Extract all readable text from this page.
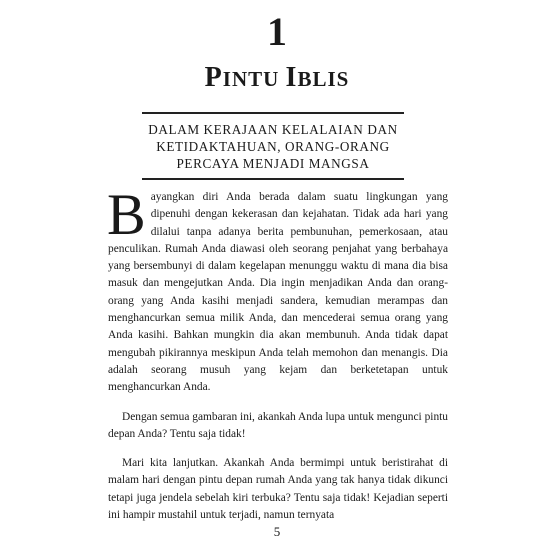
1
PINTU IBLIS
DALAM KERAJAAN KELALAIAN DAN
KETIDAKTAHUAN, ORANG-ORANG
PERCAYA MENJADI MANGSA

Bayangkan diri Anda berada dalam suatu lingkungan yang dipenuhi dengan kekerasan dan kejahatan. Tidak ada hari yang dilalui tanpa adanya berita pembunuhan, pemerkosaan, atau penculikan. Rumah Anda diawasi oleh seorang penjahat yang berbahaya yang bersembunyi di dalam kegelapan menunggu waktu di mana dia bisa masuk dan mengejutkan Anda. Dia ingin menjadikan Anda dan orang-orang yang Anda kasihi menjadi sandera, kemudian merampas dan menghancurkan semua milik Anda, dan mencederai semua orang yang Anda kasihi. Bahkan mungkin dia akan membunuh. Anda tidak dapat mengubah pikirannya meskipun Anda telah memohon dan menangis. Dia adalah seorang musuh yang kejam dan berketetapan untuk menghancurkan Anda.

Dengan semua gambaran ini, akankah Anda lupa untuk mengunci pintu depan Anda? Tentu saja tidak!

Mari kita lanjutkan. Akankah Anda bermimpi untuk beristirahat di malam hari dengan pintu depan rumah Anda yang tak hanya tidak dikunci tetapi juga jendela sebelah kiri terbuka? Tentu saja tidak! Kejadian seperti ini hampir mustahil untuk terjadi, namun ternyata

5
